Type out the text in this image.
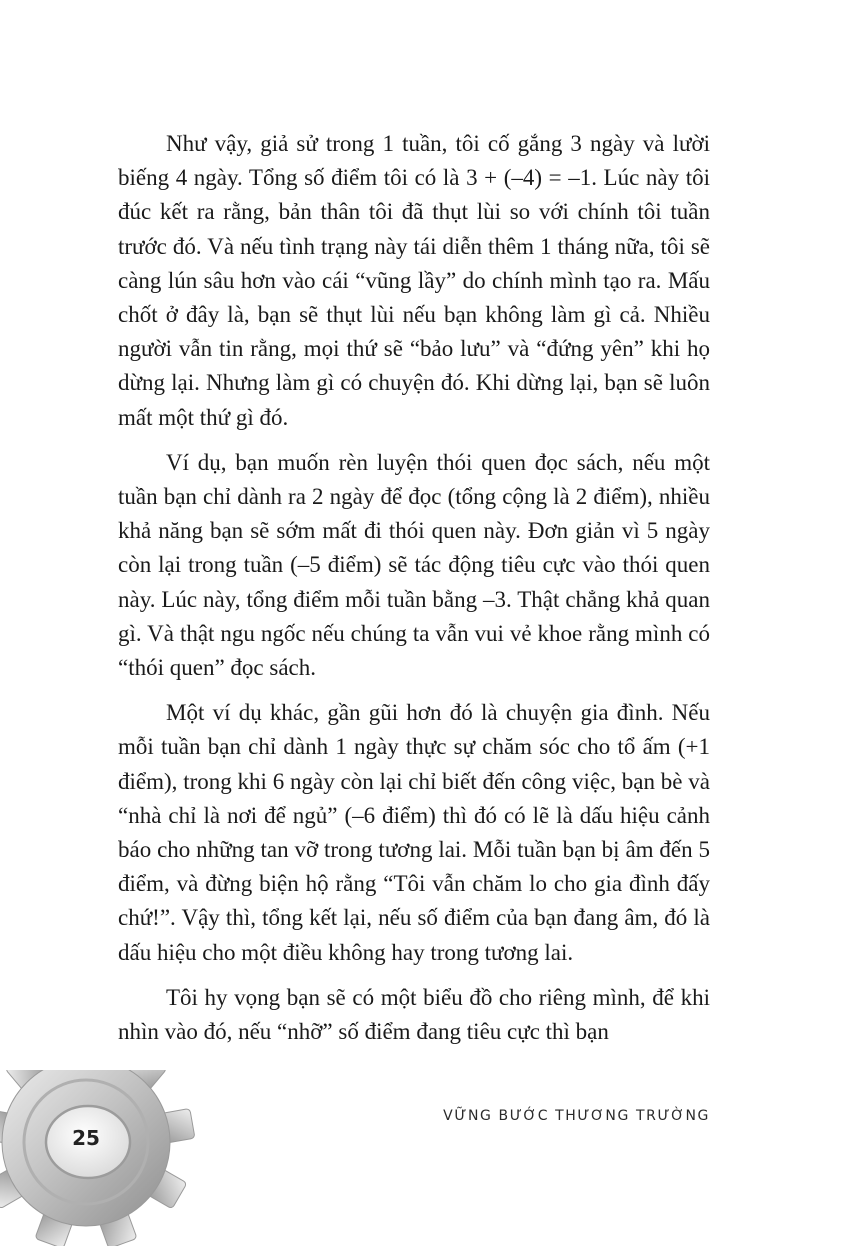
Như vậy, giả sử trong 1 tuần, tôi cố gắng 3 ngày và lười biếng 4 ngày. Tổng số điểm tôi có là 3 + (–4) = –1. Lúc này tôi đúc kết ra rằng, bản thân tôi đã thụt lùi so với chính tôi tuần trước đó. Và nếu tình trạng này tái diễn thêm 1 tháng nữa, tôi sẽ càng lún sâu hơn vào cái “vũng lầy” do chính mình tạo ra. Mấu chốt ở đây là, bạn sẽ thụt lùi nếu bạn không làm gì cả. Nhiều người vẫn tin rằng, mọi thứ sẽ “bảo lưu” và “đứng yên” khi họ dừng lại. Nhưng làm gì có chuyện đó. Khi dừng lại, bạn sẽ luôn mất một thứ gì đó.

Ví dụ, bạn muốn rèn luyện thói quen đọc sách, nếu một tuần bạn chỉ dành ra 2 ngày để đọc (tổng cộng là 2 điểm), nhiều khả năng bạn sẽ sớm mất đi thói quen này. Đơn giản vì 5 ngày còn lại trong tuần (–5 điểm) sẽ tác động tiêu cực vào thói quen này. Lúc này, tổng điểm mỗi tuần bằng –3. Thật chẳng khả quan gì. Và thật ngu ngốc nếu chúng ta vẫn vui vẻ khoe rằng mình có “thói quen” đọc sách.

Một ví dụ khác, gần gũi hơn đó là chuyện gia đình. Nếu mỗi tuần bạn chỉ dành 1 ngày thực sự chăm sóc cho tổ ấm (+1 điểm), trong khi 6 ngày còn lại chỉ biết đến công việc, bạn bè và “nhà chỉ là nơi để ngủ” (–6 điểm) thì đó có lẽ là dấu hiệu cảnh báo cho những tan vỡ trong tương lai. Mỗi tuần bạn bị âm đến 5 điểm, và đừng biện hộ rằng “Tôi vẫn chăm lo cho gia đình đấy chứ!”. Vậy thì, tổng kết lại, nếu số điểm của bạn đang âm, đó là dấu hiệu cho một điều không hay trong tương lai.

Tôi hy vọng bạn sẽ có một biểu đồ cho riêng mình, để khi nhìn vào đó, nếu “nhỡ” số điểm đang tiêu cực thì bạn

25
VỮNG BƯỚC THƯƠNG TRƯỜNG
